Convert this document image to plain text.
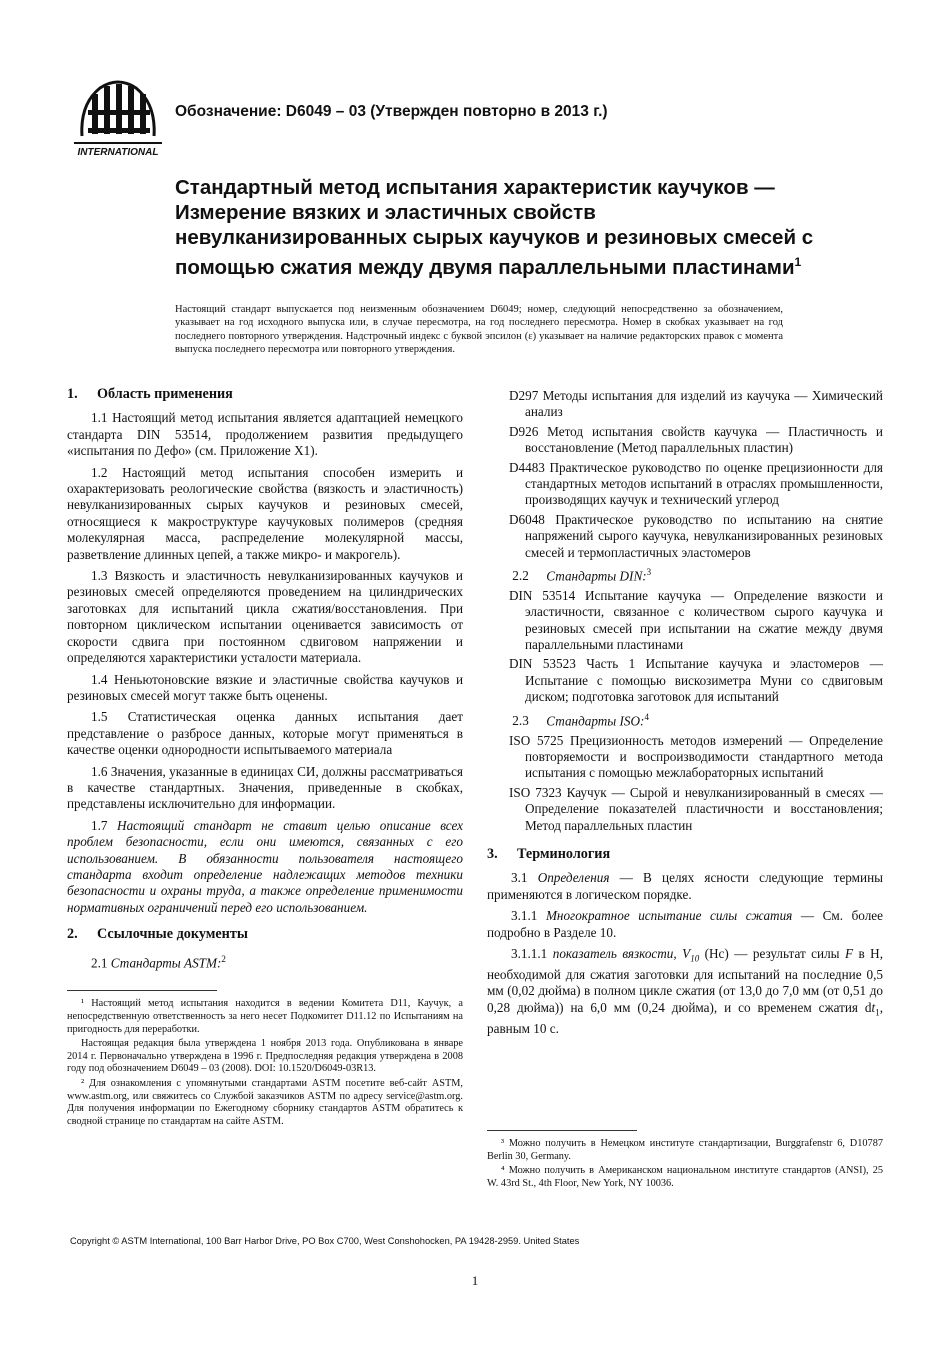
INTERNATIONAL
Обозначение: D6049 – 03 (Утвержден повторно в 2013 г.)
Стандартный метод испытания характеристик каучуков — Измерение вязких и эластичных свойств невулканизированных сырых каучуков и резиновых смесей с помощью сжатия между двумя параллельными пластинами$^1$

Настоящий стандарт выпускается под неизменным обозначением D6049; номер, следующий непосредственно за обозначением, указывает на год исходного выпуска или, в случае пересмотра, на год последнего пересмотра. Номер в скобках указывает на год последнего повторного утверждения. Надстрочный индекс с буквой эпсилон (ε) указывает на наличие редакторских правок с момента выпуска последнего пересмотра или повторного утверждения.

1. Область применения

1.1 Настоящий метод испытания является адаптацией немецкого стандарта DIN 53514, продолжением развития предыдущего «испытания по Дефо» (см. Приложение X1).

1.2 Настоящий метод испытания способен измерить и охарактеризовать реологические свойства (вязкость и эластичность) невулканизированных сырых каучуков и резиновых смесей, относящиеся к макроструктуре каучуковых полимеров (средняя молекулярная масса, распределение молекулярной массы, разветвление длинных цепей, а также микро- и макрогель).

1.3 Вязкость и эластичность невулканизированных каучуков и резиновых смесей определяются проведением на цилиндрических заготовках для испытаний цикла сжатия/восстановления. При повторном циклическом испытании оценивается зависимость от скорости сдвига при постоянном сдвиговом напряжении и определяются характеристики усталости материала.

1.4 Неньютоновские вязкие и эластичные свойства каучуков и резиновых смесей могут также быть оценены.

1.5 Статистическая оценка данных испытания дает представление о разбросе данных, которые могут применяться в качестве оценки однородности испытываемого материала

1.6 Значения, указанные в единицах СИ, должны рассматриваться в качестве стандартных. Значения, приведенные в скобках, представлены исключительно для информации.

1.7 Настоящий стандарт не ставит целью описание всех проблем безопасности, если они имеются, связанных с его использованием. В обязанности пользователя настоящего стандарта входит определение надлежащих методов техники безопасности и охраны труда, а также определение применимости нормативных ограничений перед его использованием.

2. Ссылочные документы

2.1 Стандарты ASTM:$^2$

¹ Настоящий метод испытания находится в ведении Комитета D11, Каучук, а непосредственную ответственность за него несет Подкомитет D11.12 по Испытаниям на пригодность для переработки.

Настоящая редакция была утверждена 1 ноября 2013 года. Опубликована в январе 2014 г. Первоначально утверждена в 1996 г. Предпоследняя редакция утверждена в 2008 году под обозначением D6049 – 03 (2008). DOI: 10.1520/D6049-03R13.

² Для ознакомления с упомянутыми стандартами ASTM посетите веб-сайт ASTM, www.astm.org, или свяжитесь со Службой заказчиков ASTM по адресу service@astm.org. Для получения информации по Ежегодному сборнику стандартов ASTM обратитесь к сводной странице по стандартам на сайте ASTM.

D297 Методы испытания для изделий из каучука — Химический анализ

D926 Метод испытания свойств каучука — Пластичность и восстановление (Метод параллельных пластин)

D4483 Практическое руководство по оценке прецизионности для стандартных методов испытаний в отраслях промышленности, производящих каучук и технический углерод

D6048 Практическое руководство по испытанию на снятие напряжений сырого каучука, невулканизированных резиновых смесей и термопластичных эластомеров

2.2 Стандарты DIN:$^3$

DIN 53514 Испытание каучука — Определение вязкости и эластичности, связанное с количеством сырого каучука и резиновых смесей при испытании на сжатие между двумя параллельными пластинами

DIN 53523 Часть 1 Испытание каучука и эластомеров — Испытание с помощью вискозиметра Муни со сдвиговым диском; подготовка заготовок для испытаний

2.3 Стандарты ISO:$^4$

ISO 5725 Прецизионность методов измерений — Определение повторяемости и воспроизводимости стандартного метода испытания с помощью межлабораторных испытаний

ISO 7323 Каучук — Сырой и невулканизированный в смесях — Определение показателей пластичности и восстановления; Метод параллельных пластин

3. Терминология

3.1 Определения — В целях ясности следующие термины применяются в логическом порядке.

3.1.1 Многократное испытание силы сжатия — См. более подробно в Разделе 10.

3.1.1.1 показатель вязкости, $V_{10}$ (Нс) — результат силы F в Н, необходимой для сжатия заготовки для испытаний на последние 0,5 мм (0,02 дюйма) в полном цикле сжатия (от 13,0 до 7,0 мм (от 0,51 до 0,28 дюйма)) на 6,0 мм (0,24 дюйма), и со временем сжатия $dt_1$, равным 10 с.

³ Можно получить в Немецком институте стандартизации, Burggrafenstr 6, D10787 Berlin 30, Germany.

⁴ Можно получить в Американском национальном институте стандартов (ANSI), 25 W. 43rd St., 4th Floor, New York, NY 10036.

Copyright © ASTM International, 100 Barr Harbor Drive, PO Box C700, West Conshohocken, PA 19428-2959. United States
1
